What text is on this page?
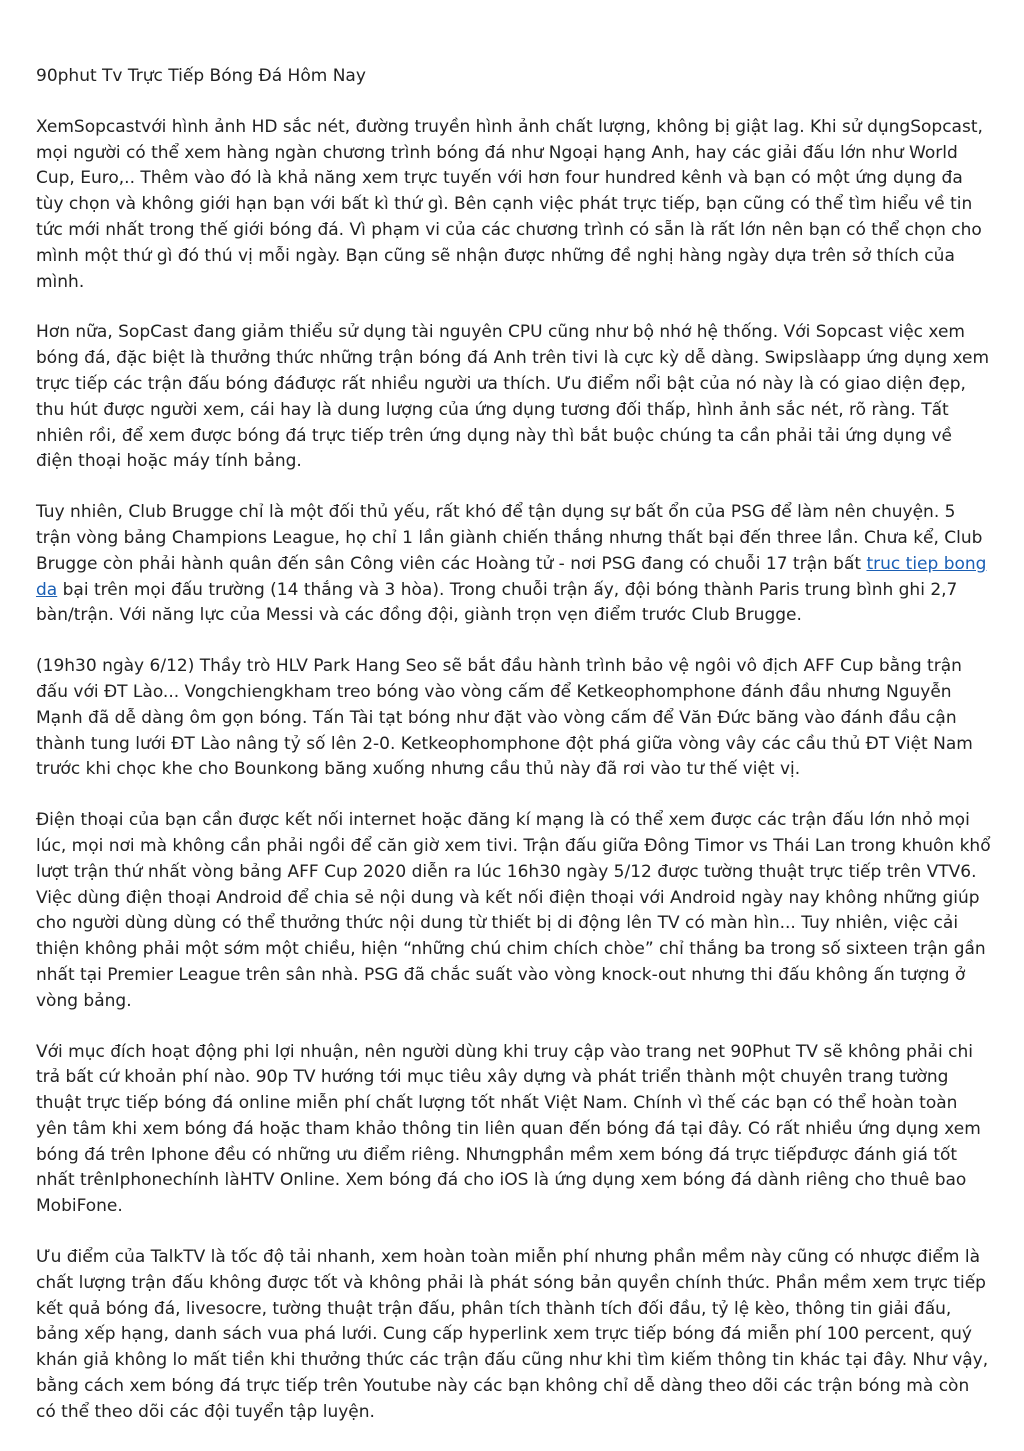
90phut Tv Trực Tiếp Bóng Đá Hôm Nay

XemSopcastvới hình ảnh HD sắc nét, đường truyền hình ảnh chất lượng, không bị giật lag. Khi sử dụngSopcast, mọi người có thể xem hàng ngàn chương trình bóng đá như Ngoại hạng Anh, hay các giải đấu lớn như World Cup, Euro,.. Thêm vào đó là khả năng xem trực tuyến với hơn four hundred kênh và bạn có một ứng dụng đa tùy chọn và không giới hạn bạn với bất kì thứ gì. Bên cạnh việc phát trực tiếp, bạn cũng có thể tìm hiểu về tin tức mới nhất trong thế giới bóng đá. Vì phạm vi của các chương trình có sẵn là rất lớn nên bạn có thể chọn cho mình một thứ gì đó thú vị mỗi ngày. Bạn cũng sẽ nhận được những đề nghị hàng ngày dựa trên sở thích của mình.

Hơn nữa, SopCast đang giảm thiểu sử dụng tài nguyên CPU cũng như bộ nhớ hệ thống. Với Sopcast việc xem bóng đá, đặc biệt là thưởng thức những trận bóng đá Anh trên tivi là cực kỳ dễ dàng. Swipslàapp ứng dụng xem trực tiếp các trận đấu bóng đáđược rất nhiều người ưa thích. Ưu điểm nổi bật của nó này là có giao diện đẹp, thu hút được người xem, cái hay là dung lượng của ứng dụng tương đối thấp, hình ảnh sắc nét, rõ ràng. Tất nhiên rồi, để xem được bóng đá trực tiếp trên ứng dụng này thì bắt buộc chúng ta cần phải tải ứng dụng về điện thoại hoặc máy tính bảng.

Tuy nhiên, Club Brugge chỉ là một đối thủ yếu, rất khó để tận dụng sự bất ổn của PSG để làm nên chuyện. 5 trận vòng bảng Champions League, họ chỉ 1 lần giành chiến thắng nhưng thất bại đến three lần. Chưa kể, Club Brugge còn phải hành quân đến sân Công viên các Hoàng tử - nơi PSG đang có chuỗi 17 trận bất truc tiep bong da bại trên mọi đấu trường (14 thắng và 3 hòa). Trong chuỗi trận ấy, đội bóng thành Paris trung bình ghi 2,7 bàn/trận. Với năng lực của Messi và các đồng đội, giành trọn vẹn điểm trước Club Brugge.

(19h30 ngày 6/12) Thầy trò HLV Park Hang Seo sẽ bắt đầu hành trình bảo vệ ngôi vô địch AFF Cup bằng trận đấu với ĐT Lào... Vongchiengkham treo bóng vào vòng cấm để Ketkeophomphone đánh đầu nhưng Nguyễn Mạnh đã dễ dàng ôm gọn bóng. Tấn Tài tạt bóng như đặt vào vòng cấm để Văn Đức băng vào đánh đầu cận thành tung lưới ĐT Lào nâng tỷ số lên 2-0. Ketkeophomphone đột phá giữa vòng vây các cầu thủ ĐT Việt Nam trước khi chọc khe cho Bounkong băng xuống nhưng cầu thủ này đã rơi vào tư thế việt vị.

Điện thoại của bạn cần được kết nối internet hoặc đăng kí mạng là có thể xem được các trận đấu lớn nhỏ mọi lúc, mọi nơi mà không cần phải ngồi để căn giờ xem tivi. Trận đấu giữa Đông Timor vs Thái Lan trong khuôn khổ lượt trận thứ nhất vòng bảng AFF Cup 2020 diễn ra lúc 16h30 ngày 5/12 được tường thuật trực tiếp trên VTV6. Việc dùng điện thoại Android để chia sẻ nội dung và kết nối điện thoại với Android ngày nay không những giúp cho người dùng dùng có thể thưởng thức nội dung từ thiết bị di động lên TV có màn hìn... Tuy nhiên, việc cải thiện không phải một sớm một chiều, hiện “những chú chim chích chòe” chỉ thắng ba trong số sixteen trận gần nhất tại Premier League trên sân nhà. PSG đã chắc suất vào vòng knock-out nhưng thi đấu không ấn tượng ở vòng bảng.

Với mục đích hoạt động phi lợi nhuận, nên người dùng khi truy cập vào trang net 90Phut TV sẽ không phải chi trả bất cứ khoản phí nào. 90p TV hướng tới mục tiêu xây dựng và phát triển thành một chuyên trang tường thuật trực tiếp bóng đá online miễn phí chất lượng tốt nhất Việt Nam. Chính vì thế các bạn có thể hoàn toàn yên tâm khi xem bóng đá hoặc tham khảo thông tin liên quan đến bóng đá tại đây. Có rất nhiều ứng dụng xem bóng đá trên Iphone đều có những ưu điểm riêng. Nhưngphần mềm xem bóng đá trực tiếpđược đánh giá tốt nhất trênIphonechính làHTV Online. Xem bóng đá cho iOS là ứng dụng xem bóng đá dành riêng cho thuê bao MobiFone.

Ưu điểm của TalkTV là tốc độ tải nhanh, xem hoàn toàn miễn phí nhưng phần mềm này cũng có nhược điểm là chất lượng trận đấu không được tốt và không phải là phát sóng bản quyền chính thức. Phần mềm xem trực tiếp kết quả bóng đá, livesocre, tường thuật trận đấu, phân tích thành tích đối đầu, tỷ lệ kèo, thông tin giải đấu, bảng xếp hạng, danh sách vua phá lưới. Cung cấp hyperlink xem trực tiếp bóng đá miễn phí 100 percent, quý khán giả không lo mất tiền khi thưởng thức các trận đấu cũng như khi tìm kiếm thông tin khác tại đây. Như vậy, bằng cách xem bóng đá trực tiếp trên Youtube này các bạn không chỉ dễ dàng theo dõi các trận bóng mà còn có thể theo dõi các đội tuyển tập luyện.
